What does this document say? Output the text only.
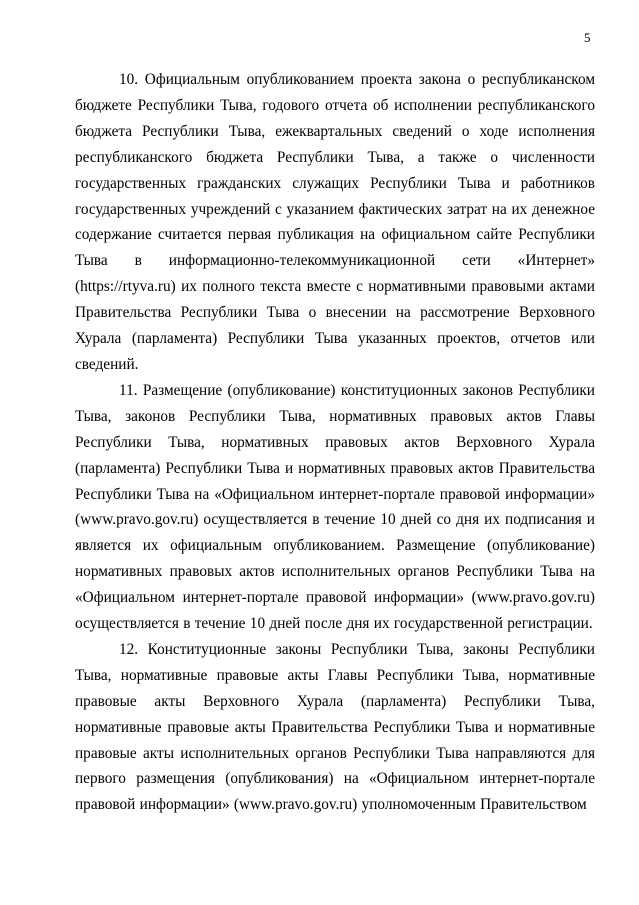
5

10. Официальным опубликованием проекта закона о республиканском бюджете Республики Тыва, годового отчета об исполнении республиканского бюджета Республики Тыва, ежеквартальных сведений о ходе исполнения республиканского бюджета Республики Тыва, а также о численности государственных гражданских служащих Республики Тыва и работников государственных учреждений с указанием фактических затрат на их денежное содержание считается первая публикация на официальном сайте Республики Тыва в информационно-телекоммуникационной сети «Интернет» (https://rtyva.ru) их полного текста вместе с нормативными правовыми актами Правительства Республики Тыва о внесении на рассмотрение Верховного Хурала (парламента) Республики Тыва указанных проектов, отчетов или сведений.

11. Размещение (опубликование) конституционных законов Республики Тыва, законов Республики Тыва, нормативных правовых актов Главы Республики Тыва, нормативных правовых актов Верховного Хурала (парламента) Республики Тыва и нормативных правовых актов Правительства Республики Тыва на «Официальном интернет-портале правовой информации» (www.pravo.gov.ru) осуществляется в течение 10 дней со дня их подписания и является их официальным опубликованием. Размещение (опубликование) нормативных правовых актов исполнительных органов Республики Тыва на «Официальном интернет-портале правовой информации» (www.pravo.gov.ru) осуществляется в течение 10 дней после дня их государственной регистрации.

12. Конституционные законы Республики Тыва, законы Республики Тыва, нормативные правовые акты Главы Республики Тыва, нормативные правовые акты Верховного Хурала (парламента) Республики Тыва, нормативные правовые акты Правительства Республики Тыва и нормативные правовые акты исполнительных органов Республики Тыва направляются для первого размещения (опубликования) на «Официальном интернет-портале правовой информации» (www.pravo.gov.ru) уполномоченным Правительством
